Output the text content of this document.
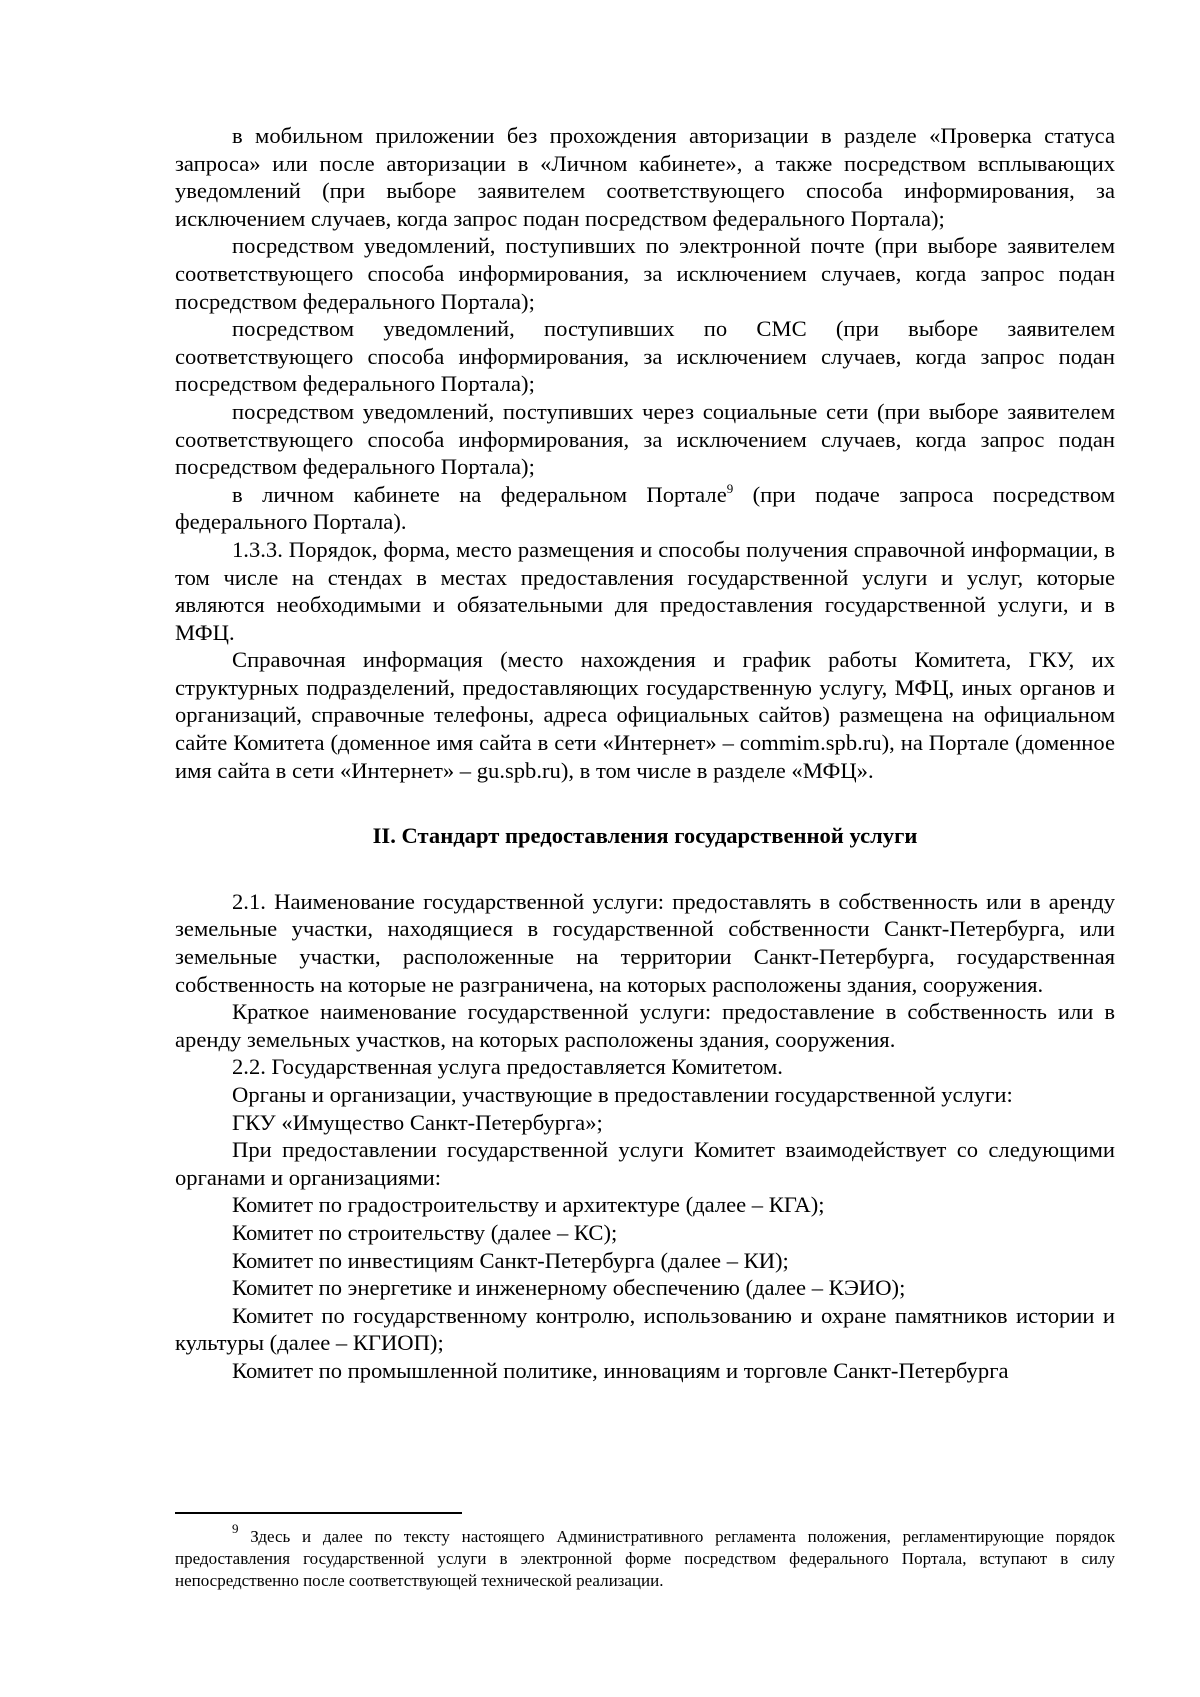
в мобильном приложении без прохождения авторизации в разделе «Проверка статуса запроса» или после авторизации в «Личном кабинете», а также посредством всплывающих уведомлений (при выборе заявителем соответствующего способа информирования, за исключением случаев, когда запрос подан посредством федерального Портала);

посредством уведомлений, поступивших по электронной почте (при выборе заявителем соответствующего способа информирования, за исключением случаев, когда запрос подан посредством федерального Портала);

посредством уведомлений, поступивших по СМС (при выборе заявителем соответствующего способа информирования, за исключением случаев, когда запрос подан посредством федерального Портала);

посредством уведомлений, поступивших через социальные сети (при выборе заявителем соответствующего способа информирования, за исключением случаев, когда запрос подан посредством федерального Портала);

в личном кабинете на федеральном Портале$^9$ (при подаче запроса посредством федерального Портала).

1.3.3. Порядок, форма, место размещения и способы получения справочной информации, в том числе на стендах в местах предоставления государственной услуги и услуг, которые являются необходимыми и обязательными для предоставления государственной услуги, и в МФЦ.

Справочная информация (место нахождения и график работы Комитета, ГКУ, их структурных подразделений, предоставляющих государственную услугу, МФЦ, иных органов и организаций, справочные телефоны, адреса официальных сайтов) размещена на официальном сайте Комитета (доменное имя сайта в сети «Интернет» – commim.spb.ru), на Портале (доменное имя сайта в сети «Интернет» – gu.spb.ru), в том числе в разделе «МФЦ».

II. Стандарт предоставления государственной услуги

2.1. Наименование государственной услуги: предоставлять в собственность или в аренду земельные участки, находящиеся в государственной собственности Санкт-Петербурга, или земельные участки, расположенные на территории Санкт-Петербурга, государственная собственность на которые не разграничена, на которых расположены здания, сооружения.

Краткое наименование государственной услуги: предоставление в собственность или в аренду земельных участков, на которых расположены здания, сооружения.

2.2. Государственная услуга предоставляется Комитетом.

Органы и организации, участвующие в предоставлении государственной услуги:

ГКУ «Имущество Санкт-Петербурга»;

При предоставлении государственной услуги Комитет взаимодействует со следующими органами и организациями:

Комитет по градостроительству и архитектуре (далее – КГА);

Комитет по строительству (далее – КС);

Комитет по инвестициям Санкт-Петербурга (далее – КИ);

Комитет по энергетике и инженерному обеспечению (далее – КЭИО);

Комитет по государственному контролю, использованию и охране памятников истории и культуры (далее – КГИОП);

Комитет по промышленной политике, инновациям и торговле Санкт-Петербурга

$^9$ Здесь и далее по тексту настоящего Административного регламента положения, регламентирующие порядок предоставления государственной услуги в электронной форме посредством федерального Портала, вступают в силу непосредственно после соответствующей технической реализации.
